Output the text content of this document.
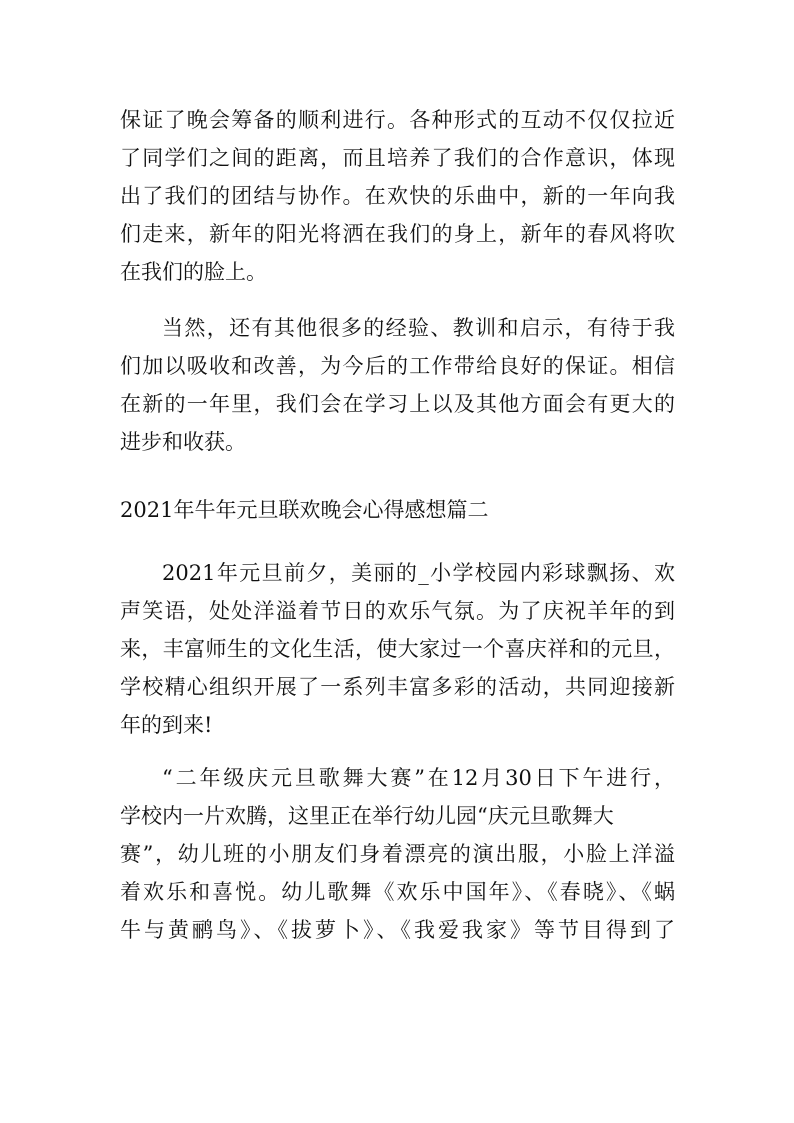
保证了晚会筹备的顺利进行。各种形式的互动不仅仅拉近
了同学们之间的距离，而且培养了我们的合作意识，体现
出了我们的团结与协作。在欢快的乐曲中，新的一年向我
们走来，新年的阳光将洒在我们的身上，新年的春风将吹
在我们的脸上。
当然，还有其他很多的经验、教训和启示，有待于我
们加以吸收和改善，为今后的工作带给良好的保证。相信
在新的一年里，我们会在学习上以及其他方面会有更大的
进步和收获。
2021年牛年元旦联欢晚会心得感想篇二
2021年元旦前夕，美丽的_小学校园内彩球飘扬、欢
声笑语，处处洋溢着节日的欢乐气氛。为了庆祝羊年的到
来，丰富师生的文化生活，使大家过一个喜庆祥和的元旦，
学校精心组织开展了一系列丰富多彩的活动，共同迎接新
年的到来!
“二年级庆元旦歌舞大赛”在12月30日下午进行，
学校内一片欢腾，这里正在举行幼儿园“庆元旦歌舞大
赛”，幼儿班的小朋友们身着漂亮的演出服，小脸上洋溢
着欢乐和喜悦。幼儿歌舞《欢乐中国年》、《春晓》、《蜗
牛与黄鹂鸟》、《拔萝卜》、《我爱我家》等节目得到了
